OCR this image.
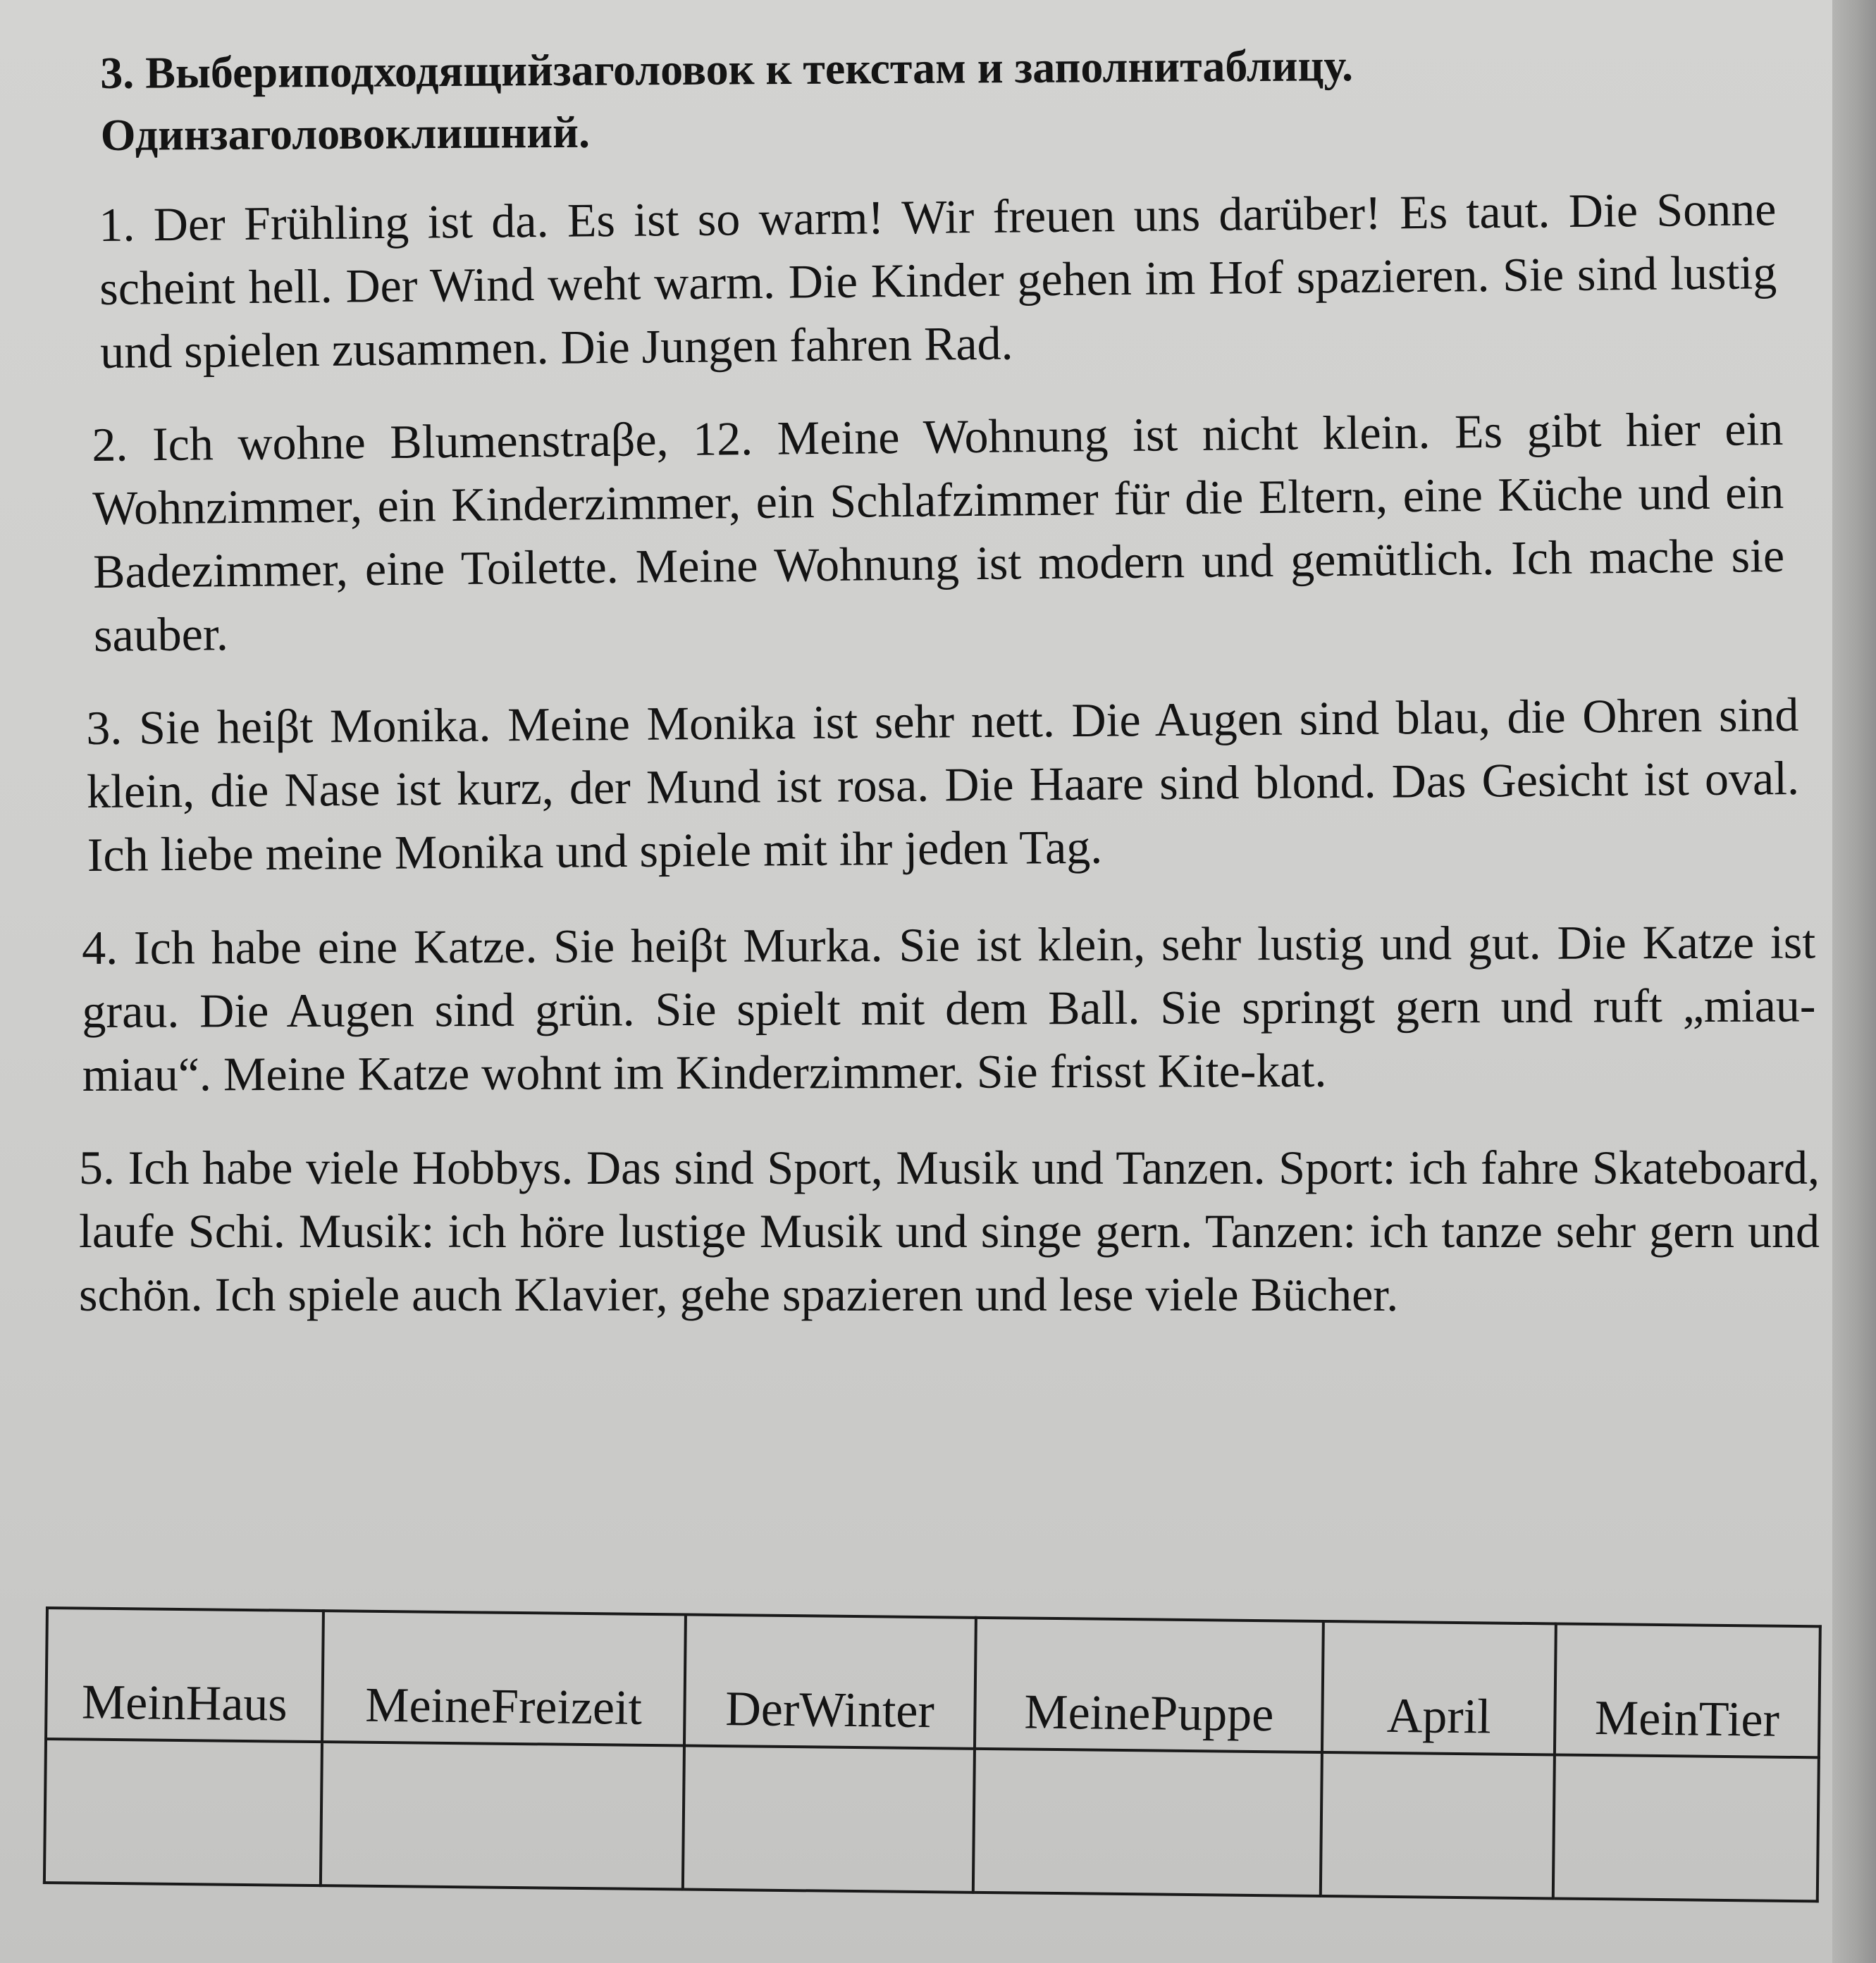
3. Выбериподходящийзаголовок к текстам и заполнитаблицу.
Одинзаголовоклишний.

1. Der Frühling ist da. Es ist so warm! Wir freuen uns darüber! Es taut. Die Sonne scheint hell. Der Wind weht warm. Die Kinder gehen im Hof spazieren. Sie sind lustig und spielen zusammen. Die Jungen fahren Rad.

2. Ich wohne Blumenstraβe, 12. Meine Wohnung ist nicht klein. Es gibt hier ein Wohnzimmer, ein Kinderzimmer, ein Schlafzimmer für die Eltern, eine Küche und ein Badezimmer, eine Toilette. Meine Wohnung ist modern und gemütlich. Ich mache sie sauber.

3. Sie heiβt Monika. Meine Monika ist sehr nett. Die Augen sind blau, die Ohren sind klein, die Nase ist kurz, der Mund ist rosa. Die Haare sind blond. Das Gesicht ist oval. Ich liebe meine Monika und spiele mit ihr jeden Tag.

4. Ich habe eine Katze. Sie heiβt Murka. Sie ist klein, sehr lustig und gut. Die Katze ist grau. Die Augen sind grün. Sie spielt mit dem Ball. Sie springt gern und ruft „miau-miau“. Meine Katze wohnt im Kinderzimmer. Sie frisst Kite-kat.

5. Ich habe viele Hobbys. Das sind Sport, Musik und Tanzen. Sport: ich fahre Skateboard, laufe Schi. Musik: ich höre lustige Musik und singe gern. Tanzen: ich tanze sehr gern und schön. Ich spiele auch Klavier, gehe spazieren und lese viele Bücher.

MeinHaus	MeineFreizeit	DerWinter	MeinePuppe	April	MeinTier
